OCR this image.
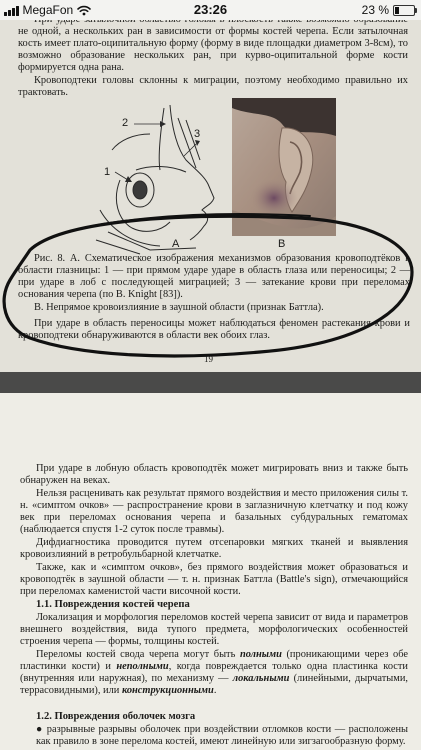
не одной, а нескольких ран в зависимости от формы костей черепа. Если затылочная кость имеет плато-оципитальную форму (форму в виде площадки диаметром 3-8см), то возможно образование нескольких ран, при курво-оципитальной форме кости формируется одна рана.

Кровоподтеки головы склонны к миграции, поэтому необходимо правильно их трактовать.

2
1
3
A	B

Рис. 8. А. Схематическое изображения механизмов образования кровоподтёков в области глазницы: 1 — при прямом ударе ударе в область глаза или переносицы; 2 — при ударе в лоб с последующей миграцией; 3 — затекание крови при переломах основания черепа (по B. Knight [83]).

В. Непрямое кровоизлияние в заушной области (признак Баттла).

При ударе в область переносицы может наблюдаться феномен растекания крови и кровоподтеки обнаруживаются в области век обоих глаз.

19

При ударе в лобную область кровоподтёк может мигрировать вниз и также быть обнаружен на веках.

Нельзя расценивать как результат прямого воздействия и место приложения силы т. н. «симптом очков» — распространение крови в заглазничную клетчатку и под кожу век при переломах основания черепа и базальных субдуральных гематомах (наблюдается спустя 1-2 суток после травмы).

Дифдиагностика проводится путем отсепаровки мягких тканей и выявления кровоизлияний в ретробульбарной клетчатке.

Также, как и «симптом очков», без прямого воздействия может образоваться и кровоподтёк в заушной области — т. н. признак Баттла (Battle's sign), отмечающийся при переломах каменистой части височной кости.

1.1. Повреждения костей черепа

Локализация и морфология переломов костей черепа зависит от вида и параметров внешнего воздействия, вида тупого предмета, морфологических особенностей строения черепа — формы, толщины костей.

Переломы костей свода черепа могут быть полными (проникающими через обе пластинки кости) и неполными, когда повреждается только одна пластинка кости (внутренняя или наружная), по механизму — локальными (линейными, дырчатыми, террасовидными), или конструкционными.

1.2. Повреждения оболочек мозга

● разрывные разрывы оболочек при воздействии отломков кости — расположены как правило в зоне перелома костей, имеют линейную или зигзагообразную форму.

MegaFon	23:26	23 %
